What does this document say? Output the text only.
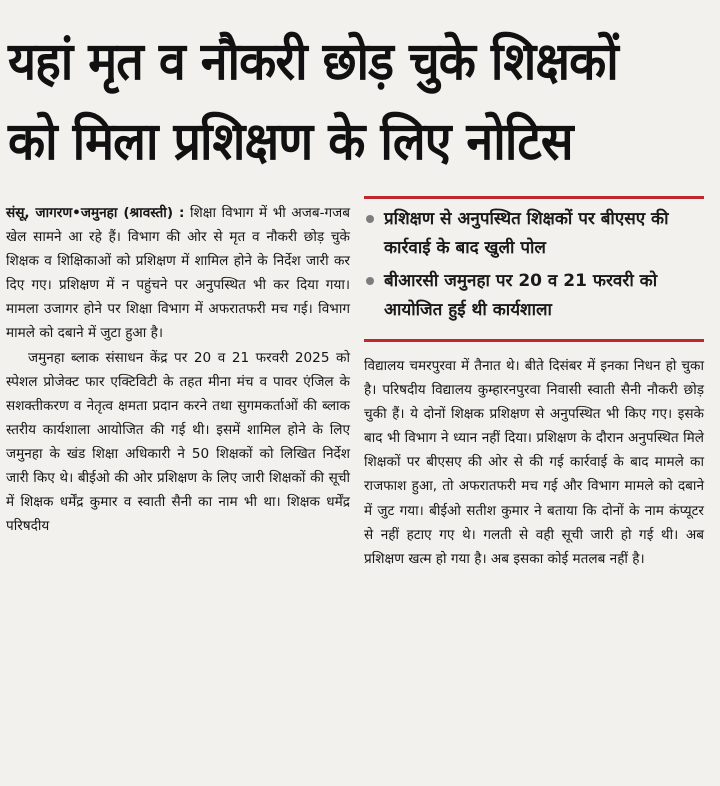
यहां मृत व नौकरी छोड़ चुके शिक्षकों
को मिला प्रशिक्षण के लिए नोटिस

संसू, जागरण•जमुनहा (श्रावस्ती) : शिक्षा विभाग में भी अजब-गजब खेल सामने आ रहे हैं। विभाग की ओर से मृत व नौकरी छोड़ चुके शिक्षक व शिक्षिकाओं को प्रशिक्षण में शामिल होने के निर्देश जारी कर दिए गए। प्रशिक्षण में न पहुंचने पर अनुपस्थित भी कर दिया गया। मामला उजागर होने पर शिक्षा विभाग में अफरातफरी मच गई। विभाग मामले को दबाने में जुटा हुआ है।

जमुनहा ब्लाक संसाधन केंद्र पर 20 व 21 फरवरी 2025 को स्पेशल प्रोजेक्ट फार एक्टिविटी के तहत मीना मंच व पावर एंजिल के सशक्तीकरण व नेतृत्व क्षमता प्रदान करने तथा सुगमकर्ताओं की ब्लाक स्तरीय कार्यशाला आयोजित की गई थी। इसमें शामिल होने के लिए जमुनहा के खंड शिक्षा अधिकारी ने 50 शिक्षकों को लिखित निर्देश जारी किए थे। बीईओ की ओर प्रशिक्षण के लिए जारी शिक्षकों की सूची में शिक्षक धर्मेंद्र कुमार व स्वाती सैनी का नाम भी था। शिक्षक धर्मेंद्र परिषदीय

प्रशिक्षण से अनुपस्थित शिक्षकों पर बीएसए की कार्रवाई के बाद खुली पोल
बीआरसी जमुनहा पर 20 व 21 फरवरी को आयोजित हुई थी कार्यशाला

विद्यालय चमरपुरवा में तैनात थे। बीते दिसंबर में इनका निधन हो चुका है। परिषदीय विद्यालय कुम्हारनपुरवा निवासी स्वाती सैनी नौकरी छोड़ चुकी हैं। ये दोनों शिक्षक प्रशिक्षण से अनुपस्थित भी किए गए। इसके बाद भी विभाग ने ध्यान नहीं दिया। प्रशिक्षण के दौरान अनुपस्थित मिले शिक्षकों पर बीएसए की ओर से की गई कार्रवाई के बाद मामले का राजफाश हुआ, तो अफरातफरी मच गई और विभाग मामले को दबाने में जुट गया। बीईओ सतीश कुमार ने बताया कि दोनों के नाम कंप्यूटर से नहीं हटाए गए थे। गलती से वही सूची जारी हो गई थी। अब प्रशिक्षण खत्म हो गया है। अब इसका कोई मतलब नहीं है।
